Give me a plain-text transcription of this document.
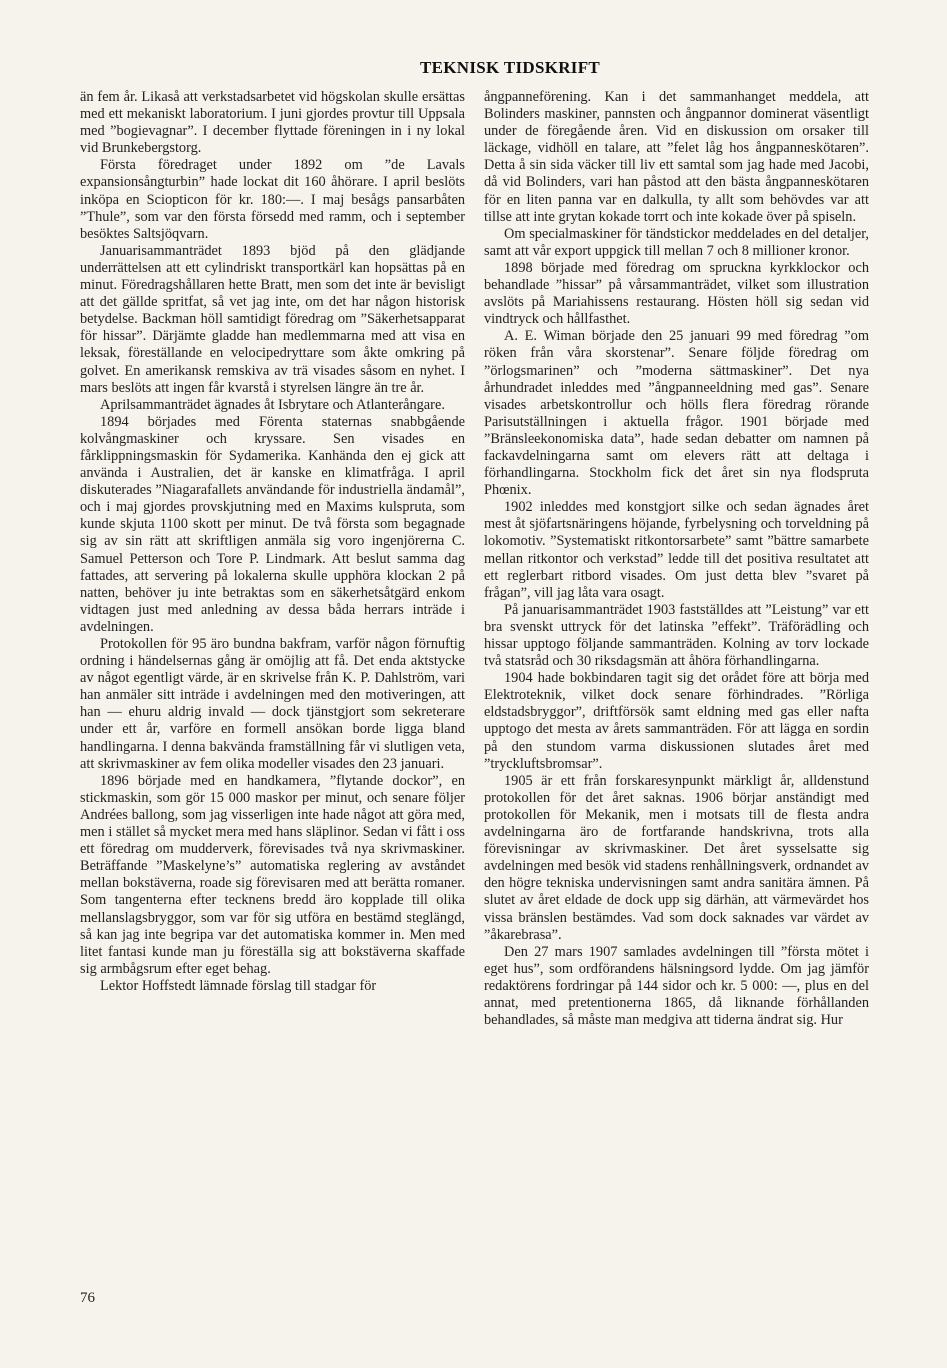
TEKNISK TIDSKRIFT

än fem år. Likaså att verkstadsarbetet vid högskolan skulle ersättas med ett mekaniskt laboratorium. I juni gjordes provtur till Uppsala med ”bogievagnar”. I december flyttade föreningen in i ny lokal vid Brunkebergstorg.

Första föredraget under 1892 om ”de Lavals expansionsångturbin” hade lockat dit 160 åhörare. I april beslöts inköpa en Sciopticon för kr. 180:—. I maj besågs pansarbåten ”Thule”, som var den första försedd med ramm, och i september besöktes Saltsjöqvarn.

Januarisammanträdet 1893 bjöd på den glädjande underrättelsen att ett cylindriskt transportkärl kan hopsättas på en minut. Föredragshållaren hette Bratt, men som det inte är bevisligt att det gällde spritfat, så vet jag inte, om det har någon historisk betydelse. Backman höll samtidigt föredrag om ”Säkerhetsapparat för hissar”. Därjämte gladde han medlemmarna med att visa en leksak, föreställande en velocipedryttare som åkte omkring på golvet. En amerikansk remskiva av trä visades såsom en nyhet. I mars beslöts att ingen får kvarstå i styrelsen längre än tre år.

Aprilsammanträdet ägnades åt Isbrytare och Atlanterångare.

1894 börjades med Förenta staternas snabbgående kolvångmaskiner och kryssare. Sen visades en fårklippningsmaskin för Sydamerika. Kanhända den ej gick att använda i Australien, det är kanske en klimatfråga. I april diskuterades ”Niagarafallets användande för industriella ändamål”, och i maj gjordes provskjutning med en Maxims kulspruta, som kunde skjuta 1100 skott per minut. De två första som begagnade sig av sin rätt att skriftligen anmäla sig voro ingenjörerna C. Samuel Petterson och Tore P. Lindmark. Att beslut samma dag fattades, att servering på lokalerna skulle upphöra klockan 2 på natten, behöver ju inte betraktas som en säkerhetsåtgärd enkom vidtagen just med anledning av dessa båda herrars inträde i avdelningen.

Protokollen för 95 äro bundna bakfram, varför någon förnuftig ordning i händelsernas gång är omöjlig att få. Det enda aktstycke av något egentligt värde, är en skrivelse från K. P. Dahlström, vari han anmäler sitt inträde i avdelningen med den motiveringen, att han — ehuru aldrig invald — dock tjänstgjort som sekreterare under ett år, varföre en formell ansökan borde ligga bland handlingarna. I denna bakvända framställning får vi slutligen veta, att skrivmaskiner av fem olika modeller visades den 23 januari.

1896 började med en handkamera, ”flytande dockor”, en stickmaskin, som gör 15 000 maskor per minut, och senare följer Andrées ballong, som jag visserligen inte hade något att göra med, men i stället så mycket mera med hans släplinor. Sedan vi fått i oss ett föredrag om mudderverk, förevisades två nya skrivmaskiner. Beträffande ”Maskelyne’s” automatiska reglering av avståndet mellan bokstäverna, roade sig förevisaren med att berätta romaner. Som tangenterna efter tecknens bredd äro kopplade till olika mellanslagsbryggor, som var för sig utföra en bestämd steglängd, så kan jag inte begripa var det automatiska kommer in. Men med litet fantasi kunde man ju föreställa sig att bokstäverna skaffade sig armbågsrum efter eget behag.

Lektor Hoffstedt lämnade förslag till stadgar för

ångpanneförening. Kan i det sammanhanget meddela, att Bolinders maskiner, pannsten och ångpannor dominerat väsentligt under de föregående åren. Vid en diskussion om orsaker till läckage, vidhöll en talare, att ”felet låg hos ångpanneskötaren”. Detta å sin sida väcker till liv ett samtal som jag hade med Jacobi, då vid Bolinders, vari han påstod att den bästa ångpanneskötaren för en liten panna var en dalkulla, ty allt som behövdes var att tillse att inte grytan kokade torrt och inte kokade över på spiseln.

Om specialmaskiner för tändstickor meddelades en del detaljer, samt att vår export uppgick till mellan 7 och 8 millioner kronor.

1898 började med föredrag om spruckna kyrkklockor och behandlade ”hissar” på vårsammanträdet, vilket som illustration avslöts på Mariahissens restaurang. Hösten höll sig sedan vid vindtryck och hållfasthet.

A. E. Wiman började den 25 januari 99 med föredrag ”om röken från våra skorstenar”. Senare följde föredrag om ”örlogsmarinen” och ”moderna sättmaskiner”. Det nya århundradet inleddes med ”ångpanneeldning med gas”. Senare visades arbetskontrollur och hölls flera föredrag rörande Parisutställningen i aktuella frågor. 1901 började med ”Bränsleekonomiska data”, hade sedan debatter om namnen på fackavdelningarna samt om elevers rätt att deltaga i förhandlingarna. Stockholm fick det året sin nya flodspruta Phœnix.

1902 inleddes med konstgjort silke och sedan ägnades året mest åt sjöfartsnäringens höjande, fyrbelysning och torveldning på lokomotiv. ”Systematiskt ritkontorsarbete” samt ”bättre samarbete mellan ritkontor och verkstad” ledde till det positiva resultatet att ett reglerbart ritbord visades. Om just detta blev ”svaret på frågan”, vill jag låta vara osagt.

På januarisammanträdet 1903 fastställdes att ”Leistung” var ett bra svenskt uttryck för det latinska ”effekt”. Träförädling och hissar upptogo följande sammanträden. Kolning av torv lockade två statsråd och 30 riksdagsmän att åhöra förhandlingarna.

1904 hade bokbindaren tagit sig det orådet före att börja med Elektroteknik, vilket dock senare förhindrades. ”Rörliga eldstadsbryggor”, driftförsök samt eldning med gas eller nafta upptogo det mesta av årets sammanträden. För att lägga en sordin på den stundom varma diskussionen slutades året med ”tryckluftsbromsar”.

1905 är ett från forskaresynpunkt märkligt år, alldenstund protokollen för det året saknas. 1906 börjar anständigt med protokollen för Mekanik, men i motsats till de flesta andra avdelningarna äro de fortfarande handskrivna, trots alla förevisningar av skrivmaskiner. Det året sysselsatte sig avdelningen med besök vid stadens renhållningsverk, ordnandet av den högre tekniska undervisningen samt andra sanitära ämnen. På slutet av året eldade de dock upp sig därhän, att värmevärdet hos vissa bränslen bestämdes. Vad som dock saknades var värdet av ”åkarebrasa”.

Den 27 mars 1907 samlades avdelningen till ”första mötet i eget hus”, som ordförandens hälsningsord lydde. Om jag jämför redaktörens fordringar på 144 sidor och kr. 5 000: —, plus en del annat, med pretentionerna 1865, då liknande förhållanden behandlades, så måste man medgiva att tiderna ändrat sig. Hur

76
